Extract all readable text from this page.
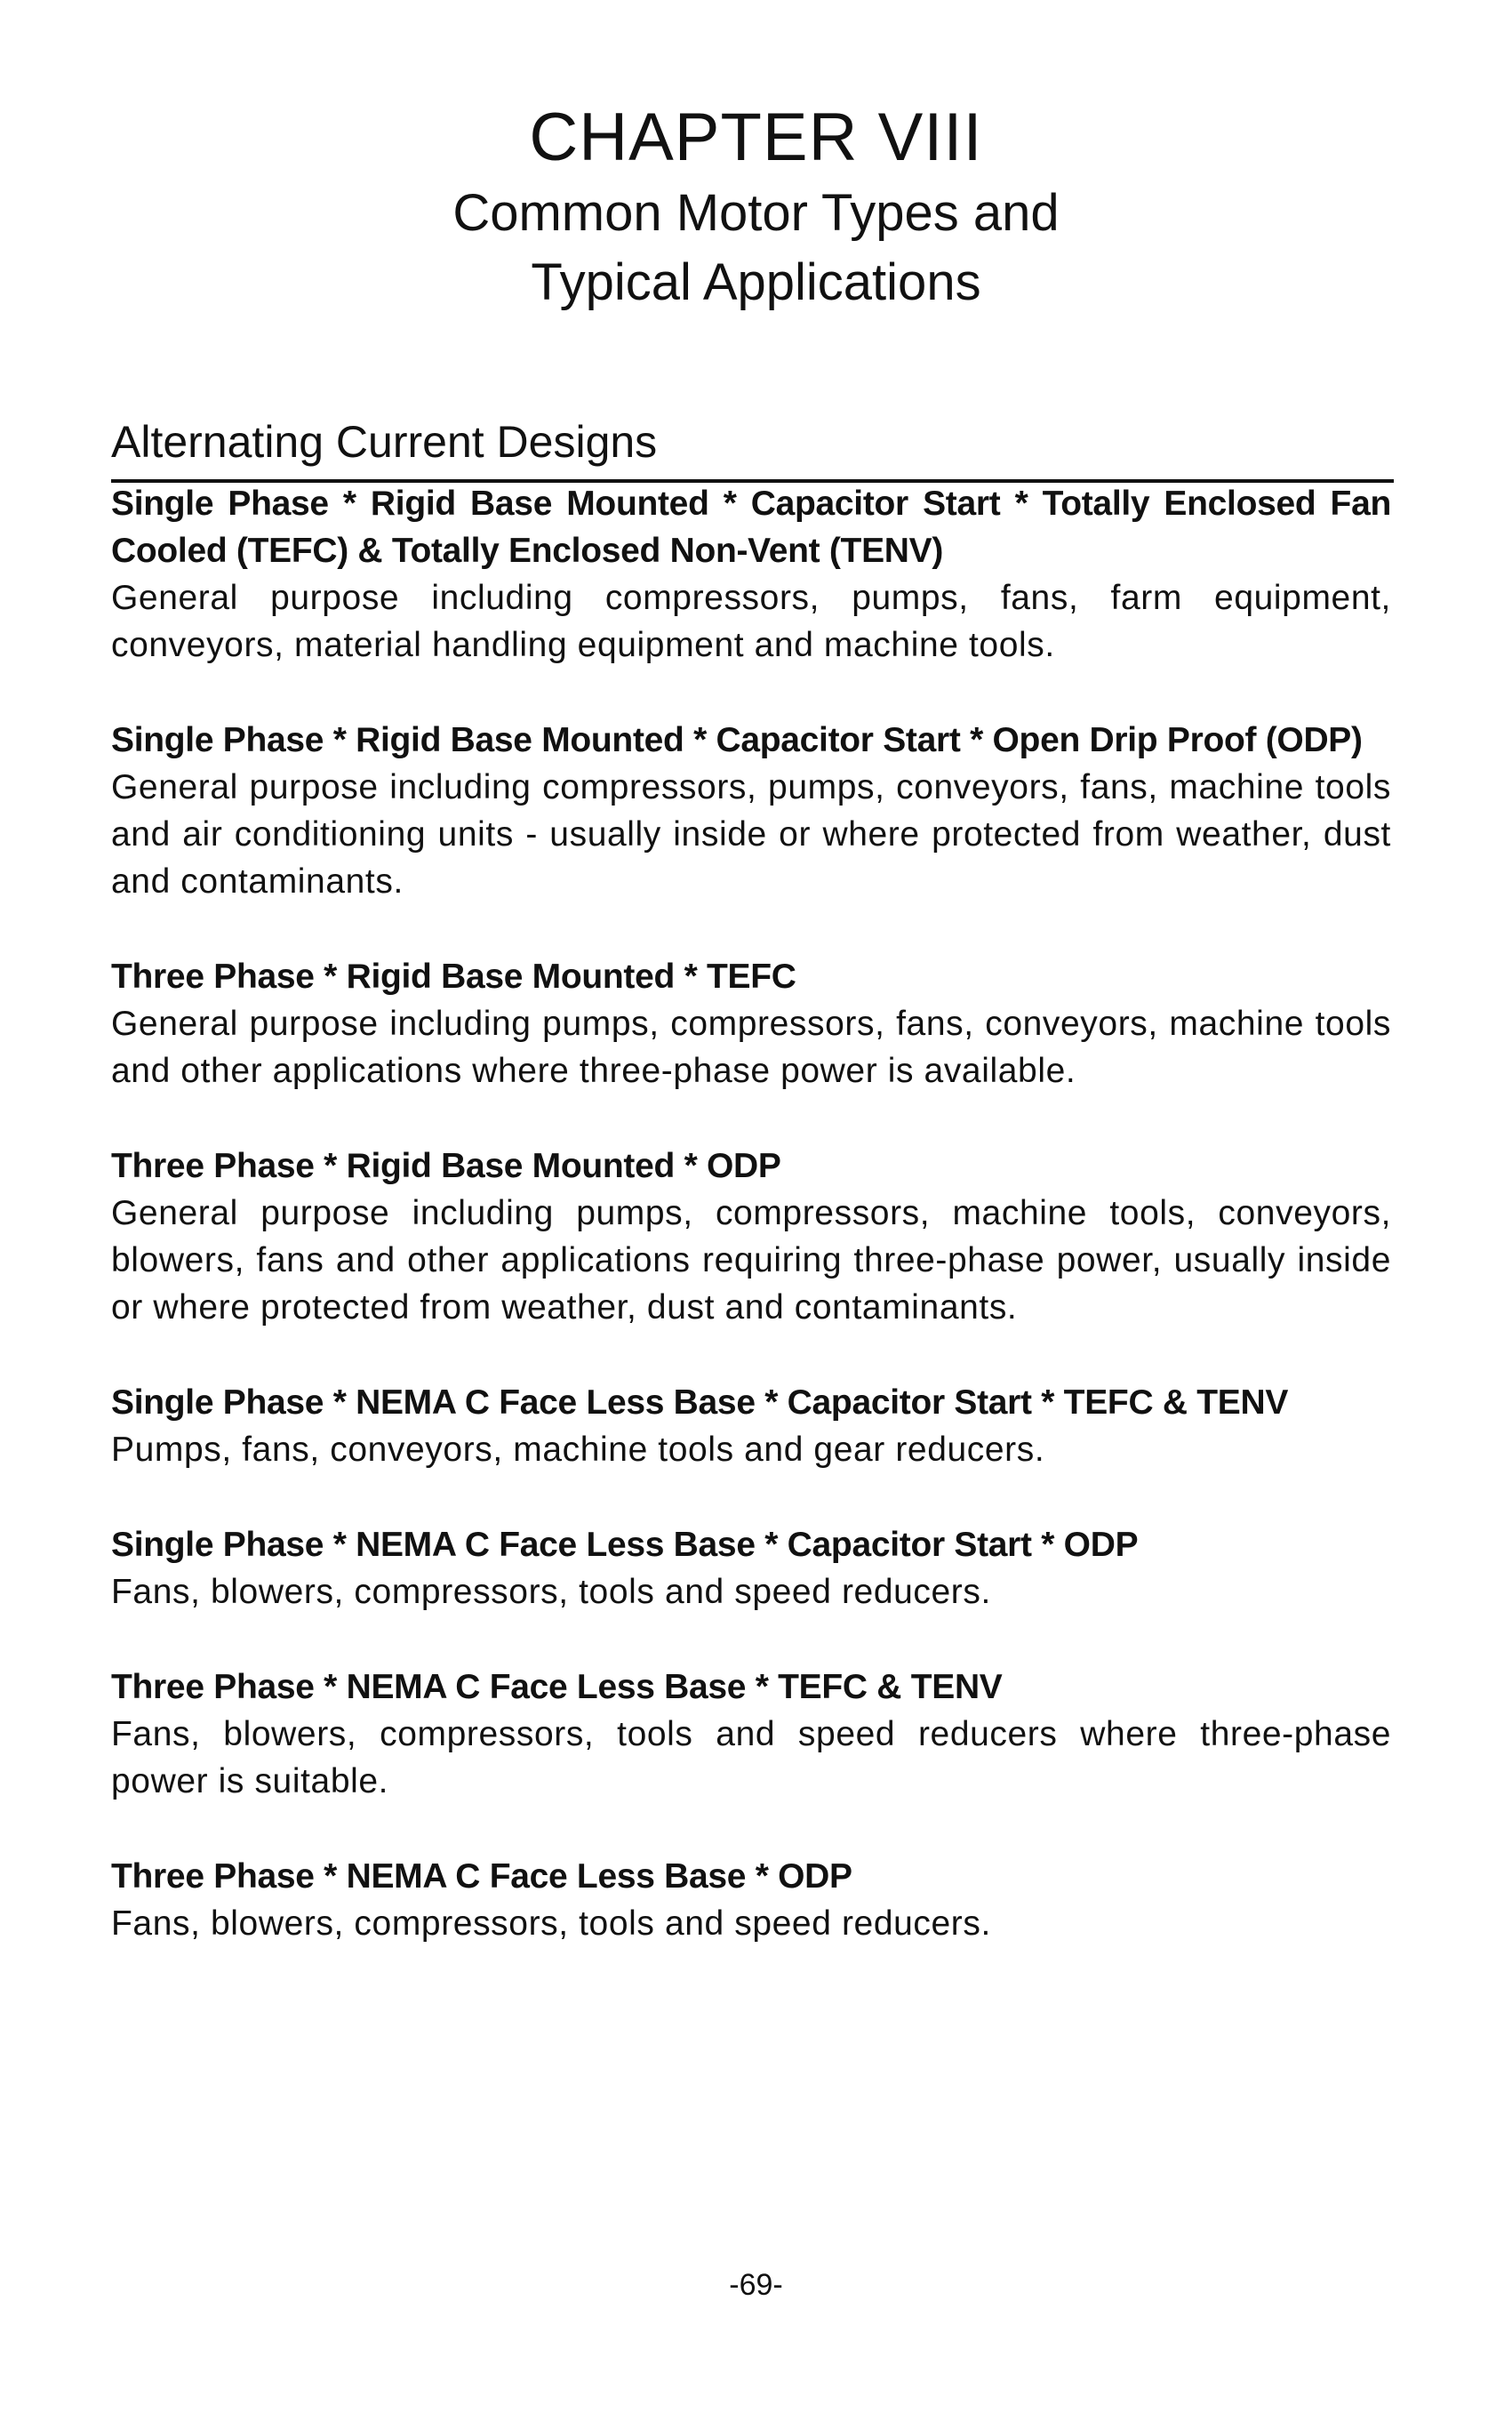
CHAPTER VIII
Common Motor Types and
Typical Applications
Alternating Current Designs
Single Phase * Rigid Base Mounted * Capacitor Start * Totally Enclosed Fan Cooled (TEFC) & Totally Enclosed Non-Vent (TENV)
General purpose including compressors, pumps, fans, farm equipment, conveyors, material handling equipment and machine tools.
Single Phase * Rigid Base Mounted * Capacitor Start * Open Drip Proof (ODP)
General purpose including compressors, pumps, conveyors, fans, machine tools and air conditioning units - usually inside or where protected from weather, dust and contaminants.
Three Phase * Rigid Base Mounted * TEFC
General purpose including pumps, compressors, fans, conveyors, machine tools and other applications where three-phase power is available.
Three Phase * Rigid Base Mounted * ODP
General purpose including pumps, compressors, machine tools, conveyors, blowers, fans and other applications requiring three-phase power, usually inside or where protected from weather, dust and contaminants.
Single Phase * NEMA C Face Less Base * Capacitor Start * TEFC & TENV
Pumps, fans, conveyors, machine tools and gear reducers.
Single Phase * NEMA C Face Less Base * Capacitor Start * ODP
Fans, blowers, compressors, tools and speed reducers.
Three Phase * NEMA C Face Less Base * TEFC & TENV
Fans, blowers, compressors, tools and speed reducers where three-phase power is suitable.
Three Phase * NEMA C Face Less Base * ODP
Fans, blowers, compressors, tools and speed reducers.
-69-
